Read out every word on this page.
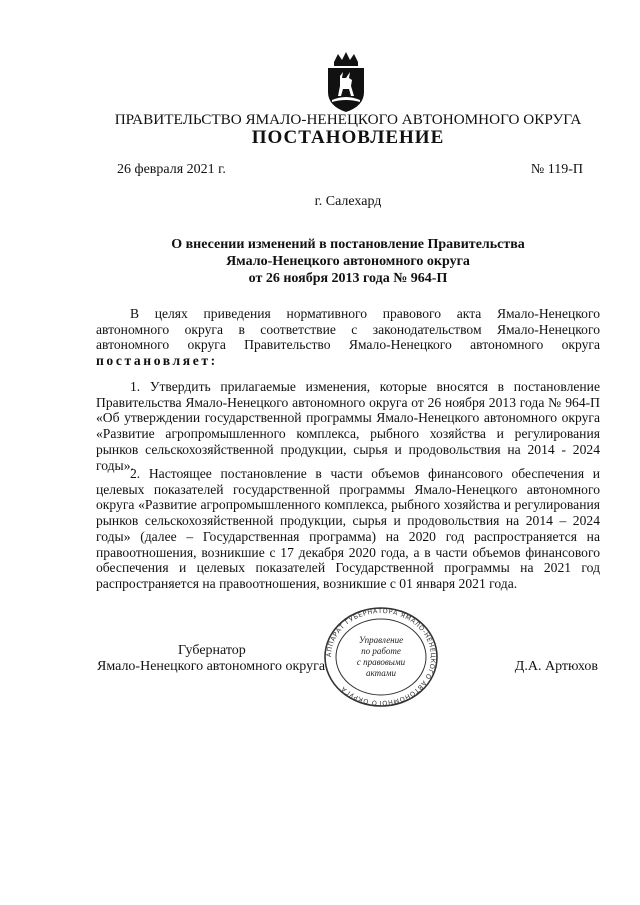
ПРАВИТЕЛЬСТВО ЯМАЛО-НЕНЕЦКОГО АВТОНОМНОГО ОКРУГА
ПОСТАНОВЛЕНИЕ
26 февраля 2021 г.	№ 119-П
г. Салехард
О внесении изменений в постановление Правительства
Ямало-Ненецкого автономного округа
от 26 ноября 2013 года № 964-П
В целях приведения нормативного правового акта Ямало-Ненецкого автономного округа в соответствие с законодательством Ямало-Ненецкого автономного округа Правительство Ямало-Ненецкого автономного округа постановляет:
1. Утвердить прилагаемые изменения, которые вносятся в постановление Правительства Ямало-Ненецкого автономного округа от 26 ноября 2013 года № 964-П «Об утверждении государственной программы Ямало-Ненецкого автономного округа «Развитие агропромышленного комплекса, рыбного хозяйства и регулирования рынков сельскохозяйственной продукции, сырья и продовольствия на 2014 - 2024 годы».
2. Настоящее постановление в части объемов финансового обеспечения и целевых показателей государственной программы Ямало-Ненецкого автономного округа «Развитие агропромышленного комплекса, рыбного хозяйства и регулирования рынков сельскохозяйственной продукции, сырья и продовольствия на 2014 – 2024 годы» (далее – Государственная программа) на 2020 год распространяется на правоотношения, возникшие с 17 декабря 2020 года, а в части объемов финансового обеспечения и целевых показателей Государственной программы на 2021 год распространяется на правоотношения, возникшие с 01 января 2021 года.
Губернатор
Ямало-Ненецкого автономного округа	Д.А. Артюхов
АППАРАТ ГУБЕРНАТОРА ЯМАЛО-НЕНЕЦКОГО АВТОНОМНОГО ОКРУГА
Управление
по работе
с правовыми
актами
